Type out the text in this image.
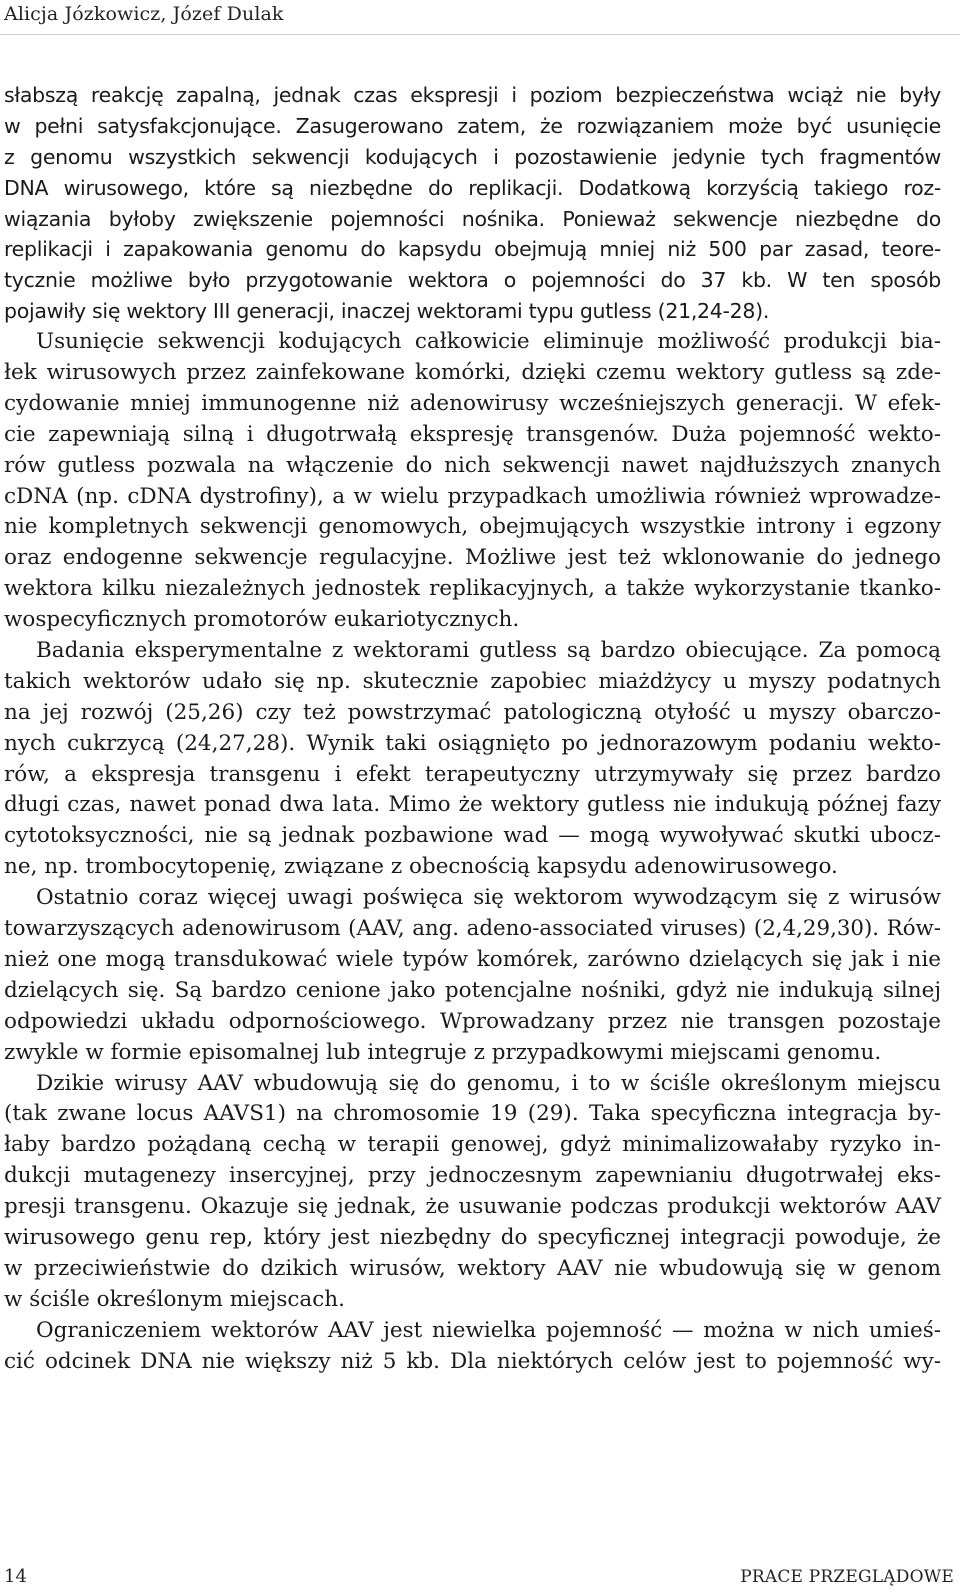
Alicja Józkowicz, Józef Dulak
słabszą reakcję zapalną, jednak czas ekspresji i poziom bezpieczeństwa wciąż nie były
w pełni satysfakcjonujące. Zasugerowano zatem, że rozwiązaniem może być usunięcie
z genomu wszystkich sekwencji kodujących i pozostawienie jedynie tych fragmentów
DNA wirusowego, które są niezbędne do replikacji. Dodatkową korzyścią takiego roz-
wiązania byłoby zwiększenie pojemności nośnika. Ponieważ sekwencje niezbędne do
replikacji i zapakowania genomu do kapsydu obejmują mniej niż 500 par zasad, teore-
tycznie możliwe było przygotowanie wektora o pojemności do 37 kb. W ten sposób
pojawiły się wektory III generacji, inaczej wektorami typu gutless (21,24-28).
Usunięcie sekwencji kodujących całkowicie eliminuje możliwość produkcji bia-
łek wirusowych przez zainfekowane komórki, dzięki czemu wektory gutless są zde-
cydowanie mniej immunogenne niż adenowirusy wcześniejszych generacji. W efek-
cie zapewniają silną i długotrwałą ekspresję transgenów. Duża pojemność wekto-
rów gutless pozwala na włączenie do nich sekwencji nawet najdłuższych znanych
cDNA (np. cDNA dystrofiny), a w wielu przypadkach umożliwia również wprowadze-
nie kompletnych sekwencji genomowych, obejmujących wszystkie introny i egzony
oraz endogenne sekwencje regulacyjne. Możliwe jest też wklonowanie do jednego
wektora kilku niezależnych jednostek replikacyjnych, a także wykorzystanie tkanko-
wospecyficznych promotorów eukariotycznych.
Badania eksperymentalne z wektorami gutless są bardzo obiecujące. Za pomocą
takich wektorów udało się np. skutecznie zapobiec miażdżycy u myszy podatnych
na jej rozwój (25,26) czy też powstrzymać patologiczną otyłość u myszy obarczo-
nych cukrzycą (24,27,28). Wynik taki osiągnięto po jednorazowym podaniu wekto-
rów, a ekspresja transgenu i efekt terapeutyczny utrzymywały się przez bardzo
długi czas, nawet ponad dwa lata. Mimo że wektory gutless nie indukują późnej fazy
cytotoksyczności, nie są jednak pozbawione wad — mogą wywoływać skutki ubocz-
ne, np. trombocytopenię, związane z obecnością kapsydu adenowirusowego.
Ostatnio coraz więcej uwagi poświęca się wektorom wywodzącym się z wirusów
towarzyszących adenowirusom (AAV, ang. adeno-associated viruses) (2,4,29,30). Rów-
nież one mogą transdukować wiele typów komórek, zarówno dzielących się jak i nie
dzielących się. Są bardzo cenione jako potencjalne nośniki, gdyż nie indukują silnej
odpowiedzi układu odpornościowego. Wprowadzany przez nie transgen pozostaje
zwykle w formie episomalnej lub integruje z przypadkowymi miejscami genomu.
Dzikie wirusy AAV wbudowują się do genomu, i to w ściśle określonym miejscu
(tak zwane locus AAVS1) na chromosomie 19 (29). Taka specyficzna integracja by-
łaby bardzo pożądaną cechą w terapii genowej, gdyż minimalizowałaby ryzyko in-
dukcji mutagenezy insercyjnej, przy jednoczesnym zapewnianiu długotrwałej eks-
presji transgenu. Okazuje się jednak, że usuwanie podczas produkcji wektorów AAV
wirusowego genu rep, który jest niezbędny do specyficznej integracji powoduje, że
w przeciwieństwie do dzikich wirusów, wektory AAV nie wbudowują się w genom
w ściśle określonym miejscach.
Ograniczeniem wektorów AAV jest niewielka pojemność — można w nich umieś-
cić odcinek DNA nie większy niż 5 kb. Dla niektórych celów jest to pojemność wy-
14	PRACE PRZEGLĄDOWE
